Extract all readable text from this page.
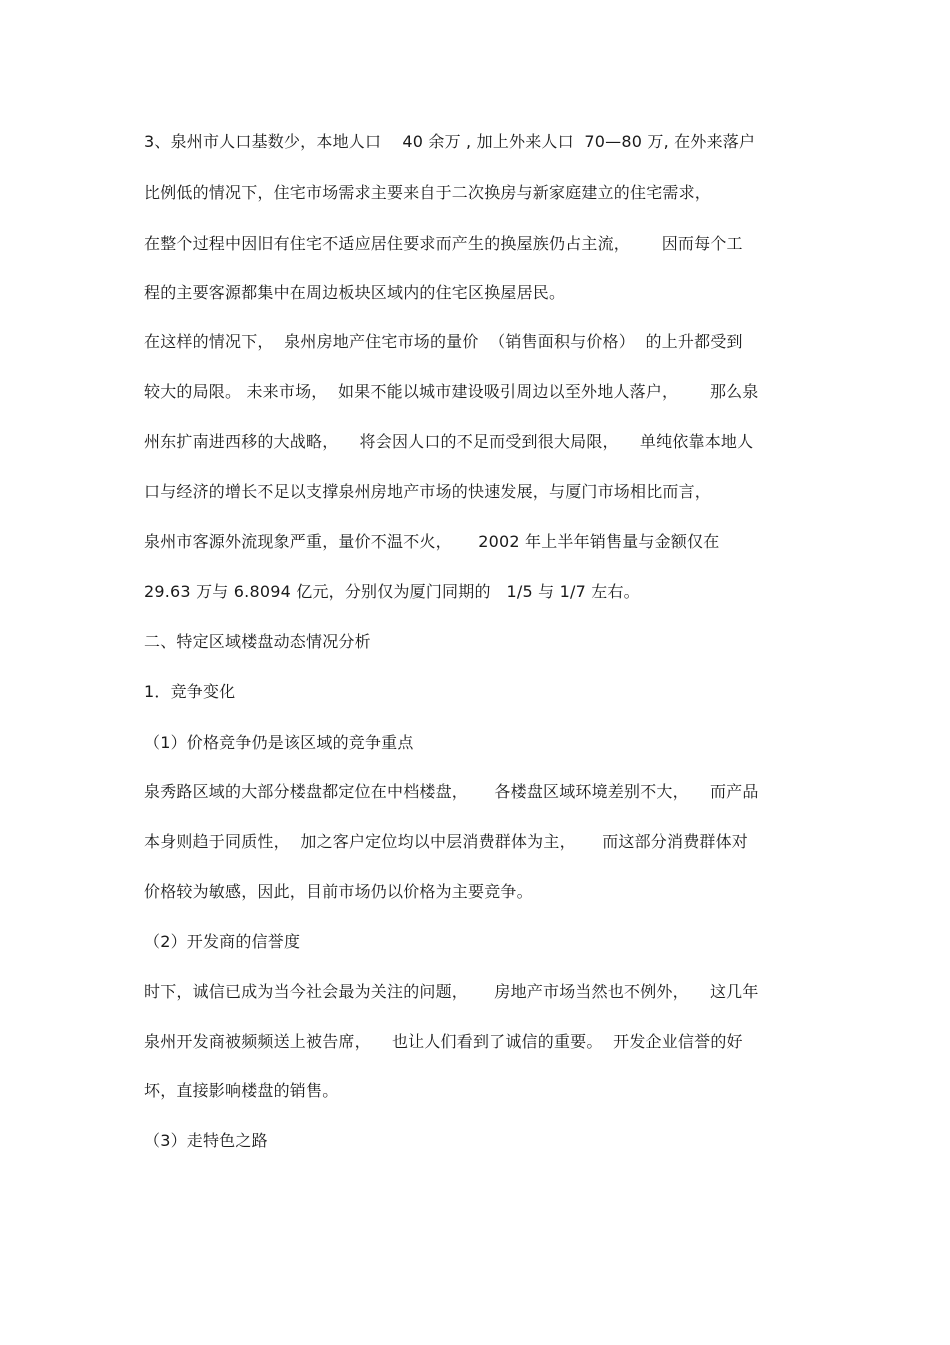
3、泉州市人口基数少，本地人口    40 余万 , 加上外来人口  70—80 万, 在外来落户
比例低的情况下，住宅市场需求主要来自于二次换房与新家庭建立的住宅需求，
在整个过程中因旧有住宅不适应居住要求而产生的换屋族仍占主流，      因而每个工
程的主要客源都集中在周边板块区域内的住宅区换屋居民。
在这样的情况下，  泉州房地产住宅市场的量价  （销售面积与价格）  的上升都受到
较大的局限。 未来市场，  如果不能以城市建设吸引周边以至外地人落户，      那么泉
州东扩南进西移的大战略，    将会因人口的不足而受到很大局限，    单纯依靠本地人
口与经济的增长不足以支撑泉州房地产市场的快速发展，与厦门市场相比而言，
泉州市客源外流现象严重，量价不温不火，     2002 年上半年销售量与金额仅在
29.63 万与 6.8094 亿元，分别仅为厦门同期的   1/5 与 1/7 左右。
二、特定区域楼盘动态情况分析
1．竞争变化
（1）价格竞争仍是该区域的竞争重点
泉秀路区域的大部分楼盘都定位在中档楼盘，     各楼盘区域环境差别不大，    而产品
本身则趋于同质性，  加之客户定位均以中层消费群体为主，     而这部分消费群体对
价格较为敏感，因此，目前市场仍以价格为主要竞争。
（2）开发商的信誉度
时下，诚信已成为当今社会最为关注的问题，     房地产市场当然也不例外，    这几年
泉州开发商被频频送上被告席，    也让人们看到了诚信的重要。  开发企业信誉的好
坏，直接影响楼盘的销售。
（3）走特色之路
